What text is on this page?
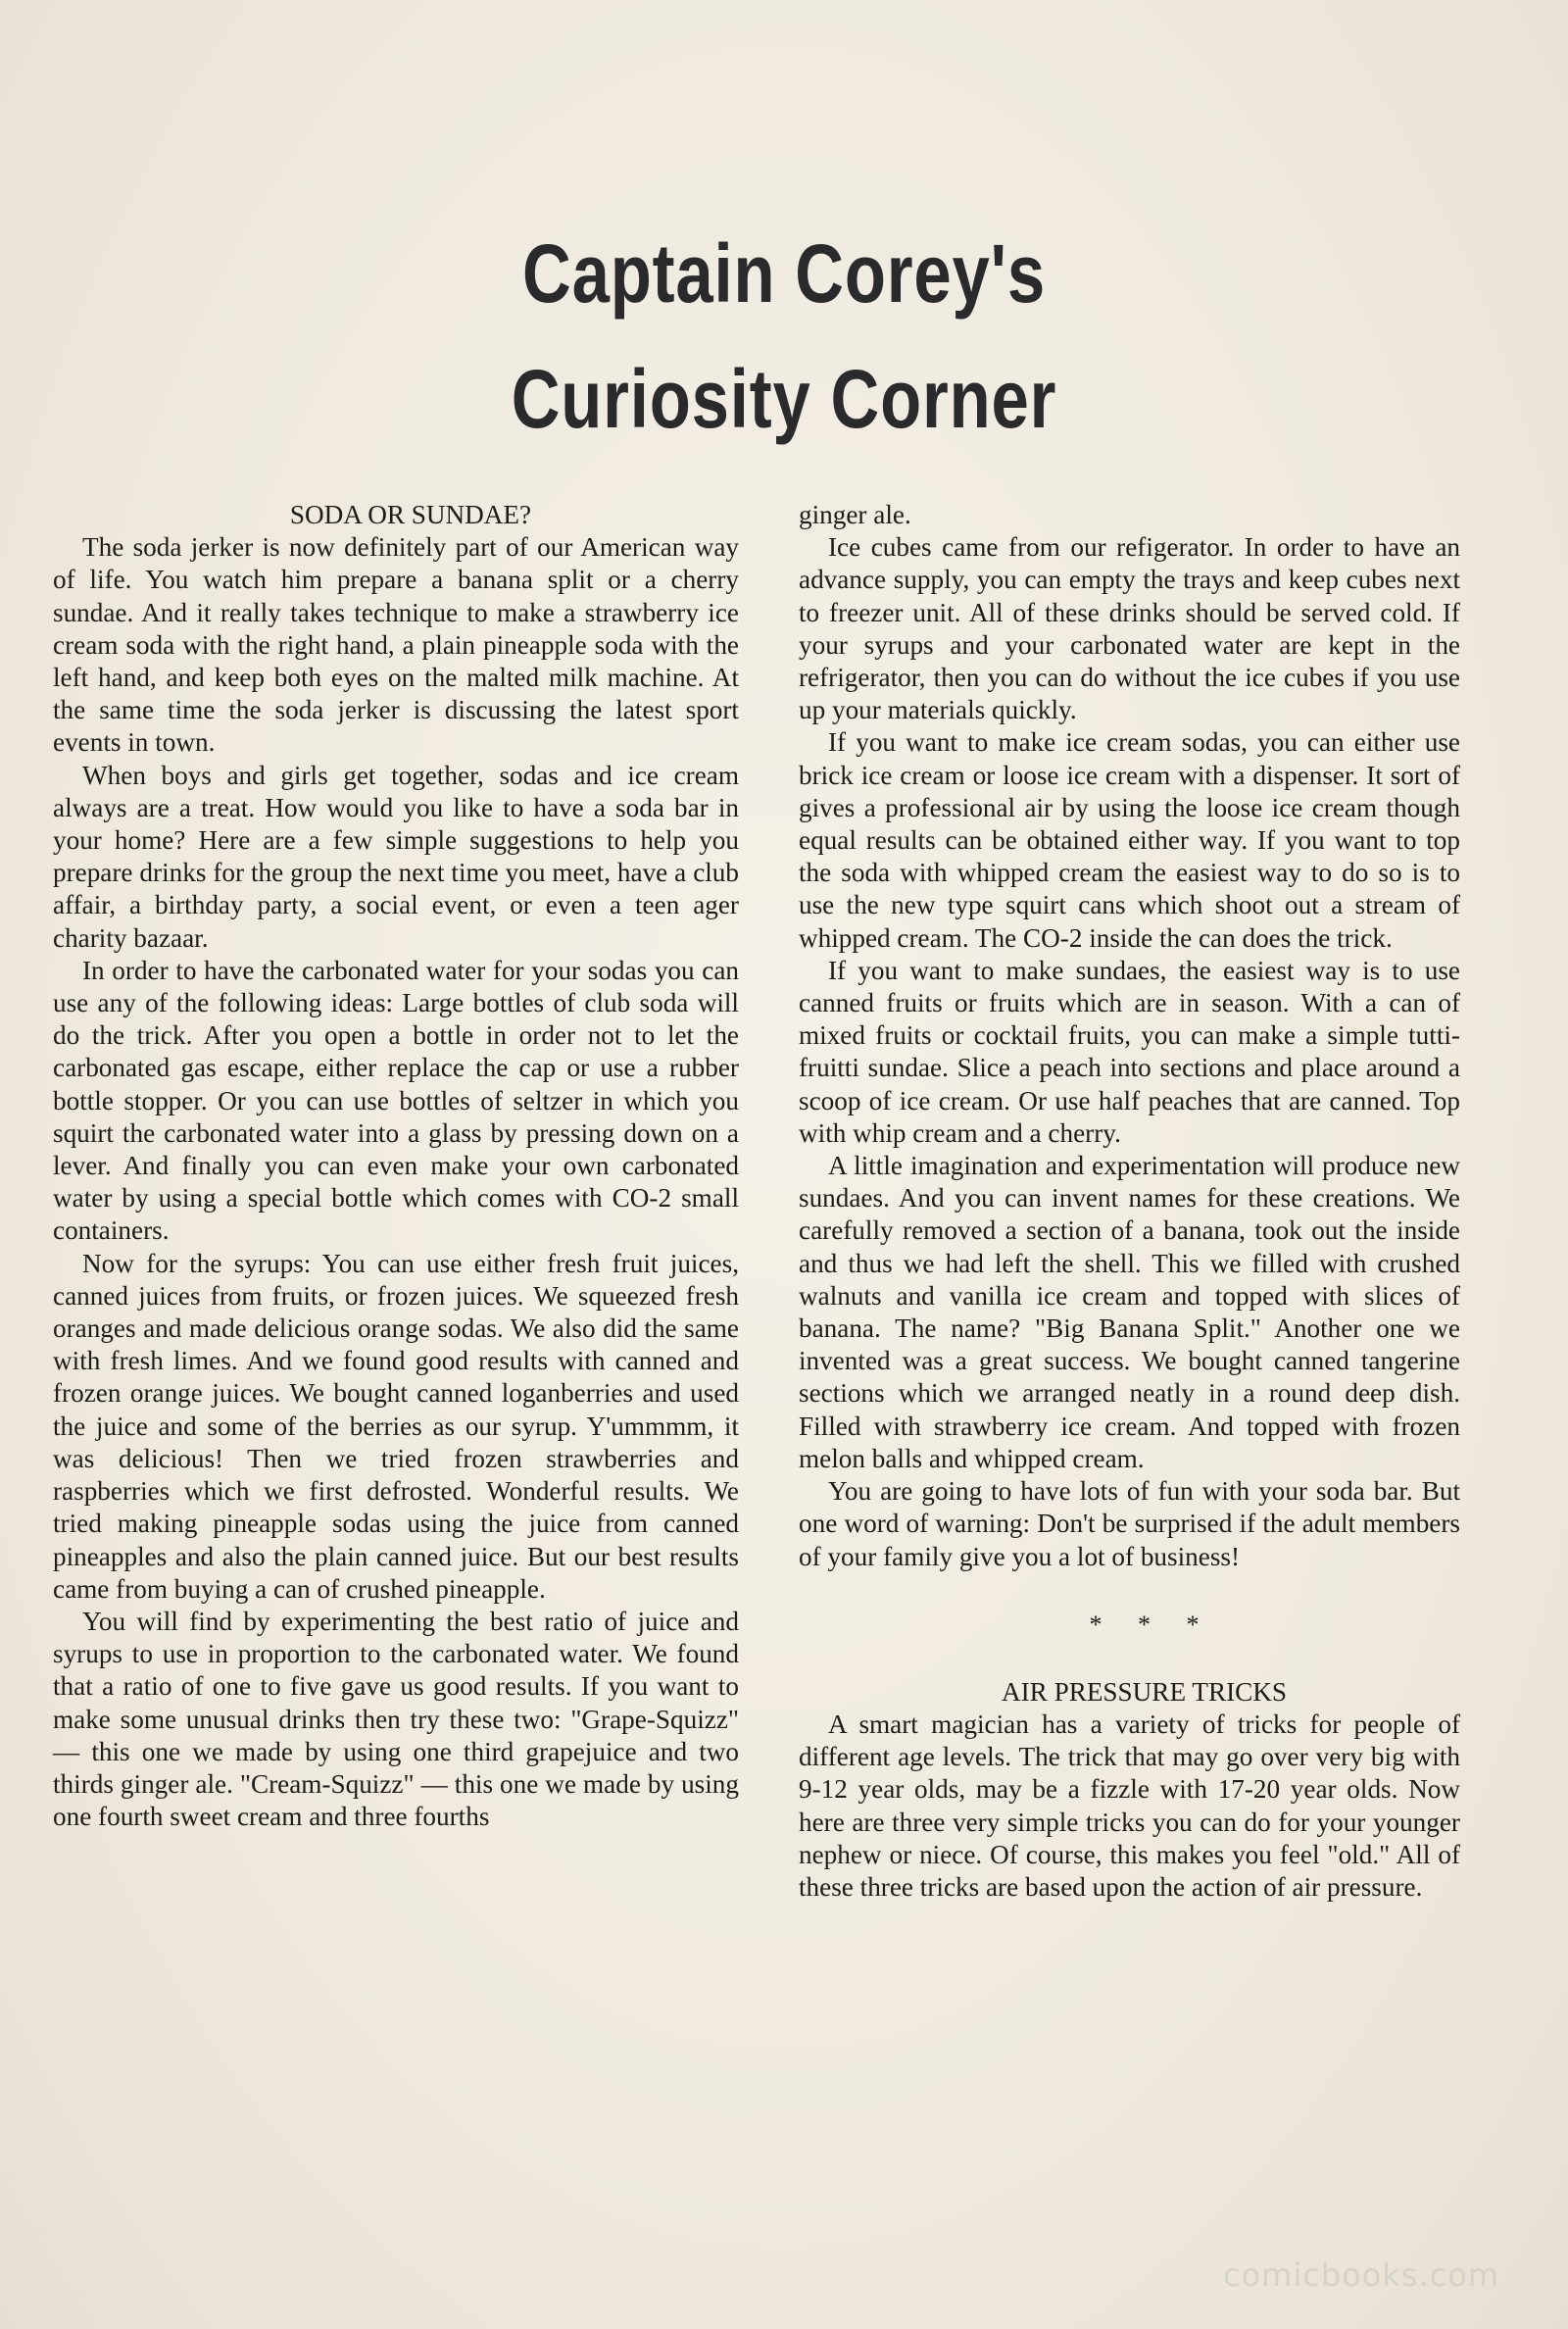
Captain Corey's
Curiosity Corner

SODA OR SUNDAE?

The soda jerker is now definitely part of our American way of life. You watch him prepare a banana split or a cherry sundae. And it really takes technique to make a strawberry ice cream soda with the right hand, a plain pineapple soda with the left hand, and keep both eyes on the malted milk machine. At the same time the soda jerker is discussing the latest sport events in town.

When boys and girls get together, sodas and ice cream always are a treat. How would you like to have a soda bar in your home? Here are a few simple suggestions to help you prepare drinks for the group the next time you meet, have a club affair, a birthday party, a social event, or even a teen ager charity bazaar.

In order to have the carbonated water for your sodas you can use any of the following ideas: Large bottles of club soda will do the trick. After you open a bottle in order not to let the carbonated gas escape, either replace the cap or use a rubber bottle stopper. Or you can use bottles of seltzer in which you squirt the carbonated water into a glass by pressing down on a lever. And finally you can even make your own carbonated water by using a special bottle which comes with CO-2 small containers.

Now for the syrups: You can use either fresh fruit juices, canned juices from fruits, or frozen juices. We squeezed fresh oranges and made delicious orange sodas. We also did the same with fresh limes. And we found good results with canned and frozen orange juices. We bought canned loganberries and used the juice and some of the berries as our syrup. Y'ummmm, it was delicious! Then we tried frozen strawberries and raspberries which we first defrosted. Wonderful results. We tried making pineapple sodas using the juice from canned pineapples and also the plain canned juice. But our best results came from buying a can of crushed pineapple.

You will find by experimenting the best ratio of juice and syrups to use in proportion to the carbonated water. We found that a ratio of one to five gave us good results. If you want to make some unusual drinks then try these two: "Grape-Squizz" — this one we made by using one third grapejuice and two thirds ginger ale. "Cream-Squizz" — this one we made by using one fourth sweet cream and three fourths

ginger ale.

Ice cubes came from our refigerator. In order to have an advance supply, you can empty the trays and keep cubes next to freezer unit. All of these drinks should be served cold. If your syrups and your carbonated water are kept in the refrigerator, then you can do without the ice cubes if you use up your materials quickly.

If you want to make ice cream sodas, you can either use brick ice cream or loose ice cream with a dispenser. It sort of gives a professional air by using the loose ice cream though equal results can be obtained either way. If you want to top the soda with whipped cream the easiest way to do so is to use the new type squirt cans which shoot out a stream of whipped cream. The CO-2 inside the can does the trick.

If you want to make sundaes, the easiest way is to use canned fruits or fruits which are in season. With a can of mixed fruits or cocktail fruits, you can make a simple tutti-fruitti sundae. Slice a peach into sections and place around a scoop of ice cream. Or use half peaches that are canned. Top with whip cream and a cherry.

A little imagination and experimentation will produce new sundaes. And you can invent names for these creations. We carefully removed a section of a banana, took out the inside and thus we had left the shell. This we filled with crushed walnuts and vanilla ice cream and topped with slices of banana. The name? "Big Banana Split." Another one we invented was a great success. We bought canned tangerine sections which we arranged neatly in a round deep dish. Filled with strawberry ice cream. And topped with frozen melon balls and whipped cream.

You are going to have lots of fun with your soda bar. But one word of warning: Don't be surprised if the adult members of your family give you a lot of business!

* * *

AIR PRESSURE TRICKS

A smart magician has a variety of tricks for people of different age levels. The trick that may go over very big with 9-12 year olds, may be a fizzle with 17-20 year olds. Now here are three very simple tricks you can do for your younger nephew or niece. Of course, this makes you feel "old." All of these three tricks are based upon the action of air pressure.

comicbooks.com
